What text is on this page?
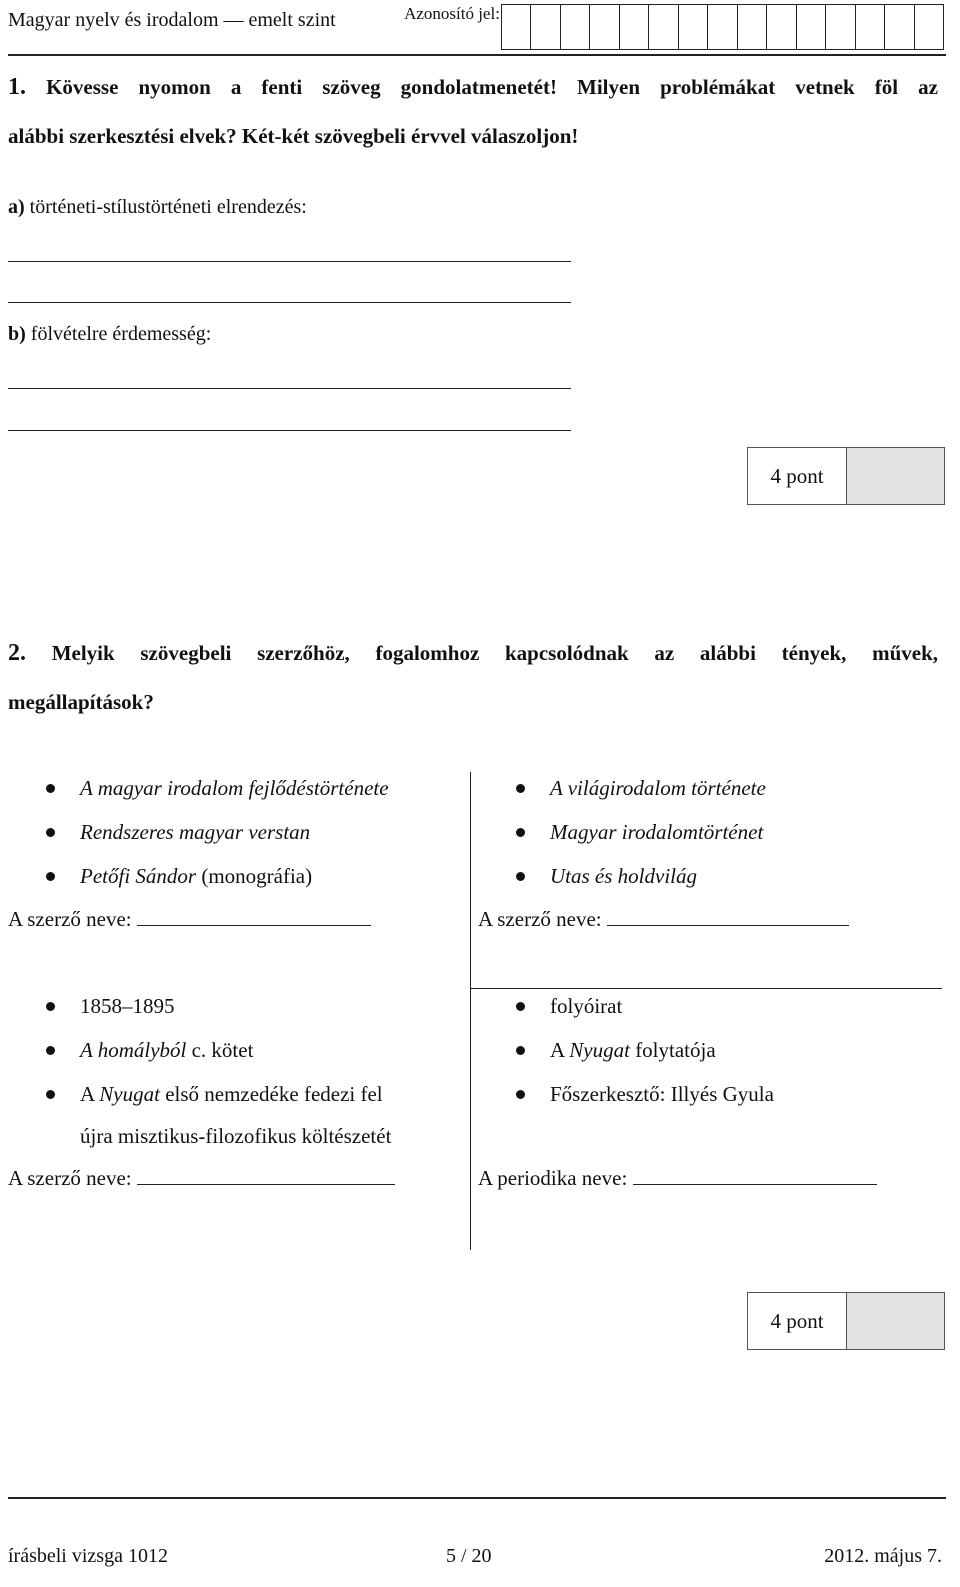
Magyar nyelv és irodalom — emelt szint	Azonosító jel:
1. Kövesse nyomon a fenti szöveg gondolatmenetét! Milyen problémákat vetnek föl az
alábbi szerkesztési elvek? Két-két szövegbeli érvvel válaszoljon!
a) történeti-stílustörténeti elrendezés:
b) fölvételre érdemesség:
4 pont
2. Melyik szövegbeli szerzőhöz, fogalomhoz kapcsolódnak az alábbi tények, művek,
megállapítások?
A magyar irodalom fejlődéstörténete
Rendszeres magyar verstan
Petőfi Sándor (monográfia)
A szerző neve:
A világirodalom története
Magyar irodalomtörténet
Utas és holdvilág
A szerző neve:
1858–1895
A homályból c. kötet
A Nyugat első nemzedéke fedezi fel
újra misztikus-filozofikus költészetét
A szerző neve:
folyóirat
A Nyugat folytatója
Főszerkesztő: Illyés Gyula
A periodika neve:
4 pont
írásbeli vizsga 1012	5 / 20	2012. május 7.
